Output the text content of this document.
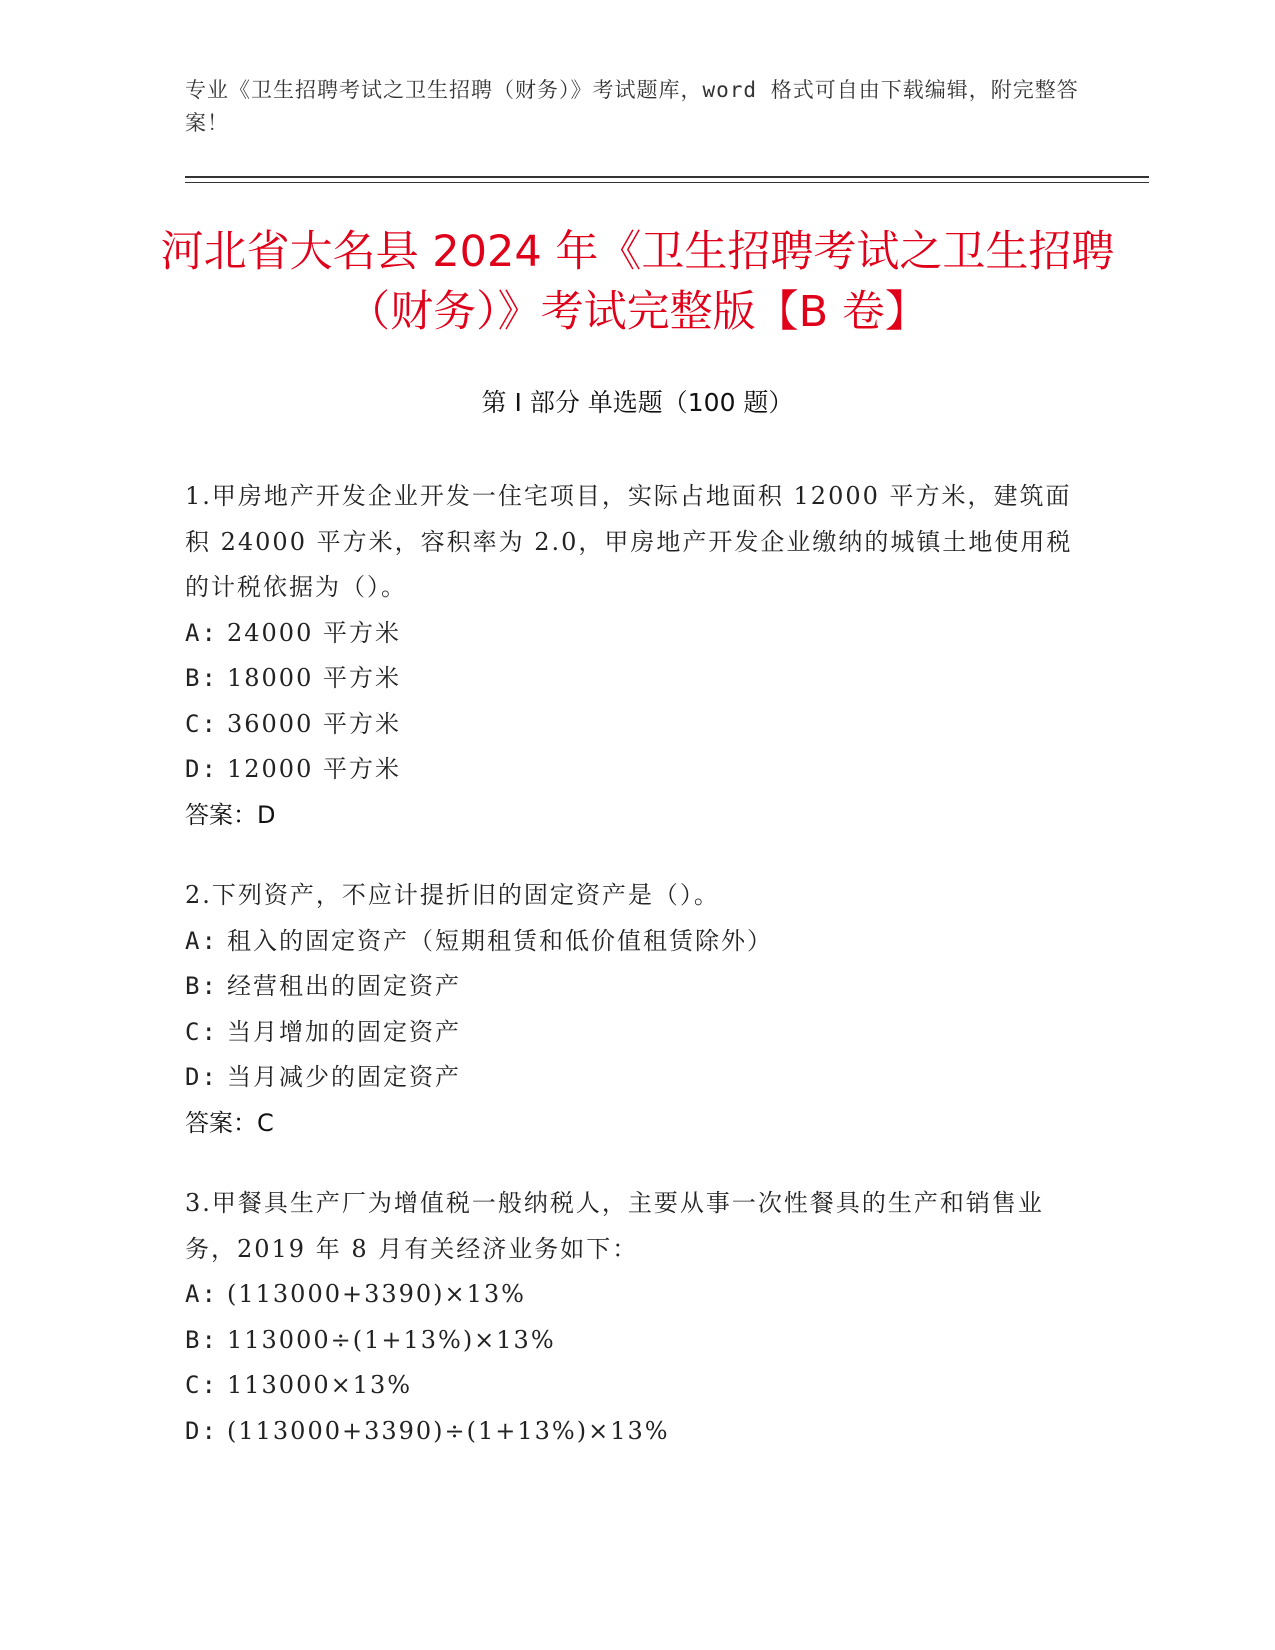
专业《卫生招聘考试之卫生招聘（财务）》考试题库，word 格式可自由下载编辑，附完整答案！
河北省大名县 2024 年《卫生招聘考试之卫生招聘（财务）》考试完整版【B 卷】
第 I 部分 单选题（100 题）
1.甲房地产开发企业开发一住宅项目，实际占地面积 12000 平方米，建筑面积 24000 平方米，容积率为 2.0，甲房地产开发企业缴纳的城镇土地使用税的计税依据为（）。
A: 24000 平方米
B: 18000 平方米
C: 36000 平方米
D: 12000 平方米
答案：D
2.下列资产，不应计提折旧的固定资产是（）。
A: 租入的固定资产（短期租赁和低价值租赁除外）
B: 经营租出的固定资产
C: 当月增加的固定资产
D: 当月减少的固定资产
答案：C
3.甲餐具生产厂为增值税一般纳税人，主要从事一次性餐具的生产和销售业务，2019 年 8 月有关经济业务如下：
A: (113000+3390)×13%
B: 113000÷(1+13%)×13%
C: 113000×13%
D: (113000+3390)÷(1+13%)×13%
